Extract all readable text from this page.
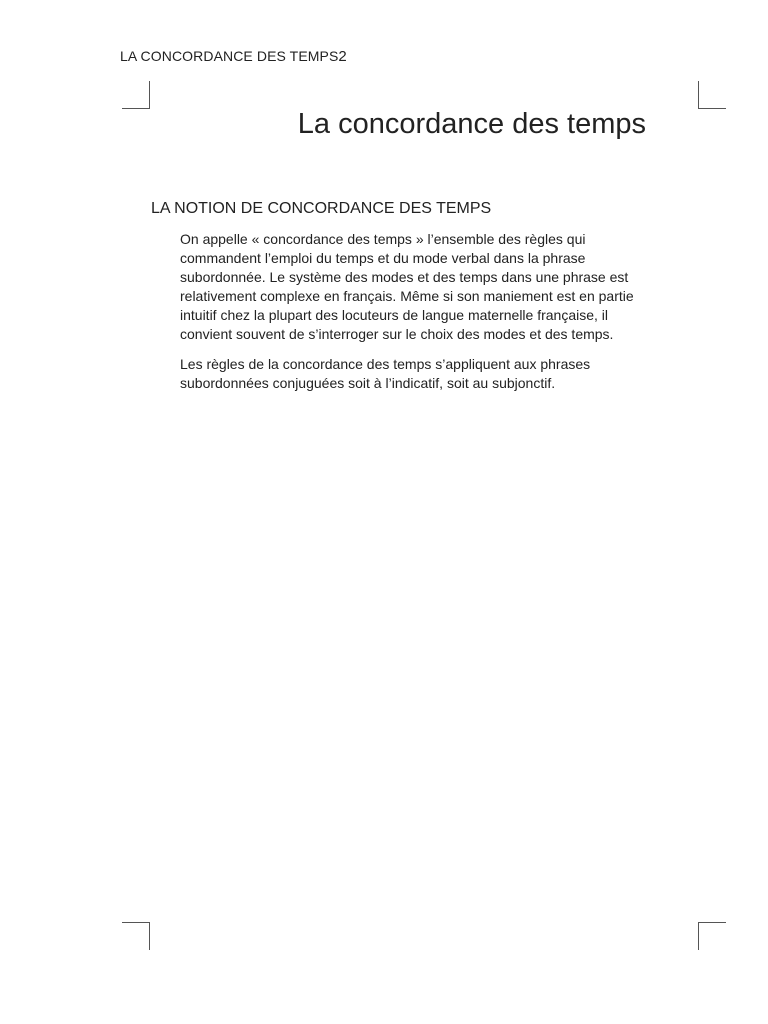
LA CONCORDANCE DES TEMPS2
La concordance des temps
LA NOTION DE CONCORDANCE DES TEMPS

On appelle « concordance des temps » l’ensemble des règles qui
commandent l’emploi du temps et du mode verbal dans la phrase
subordonnée. Le système des modes et des temps dans une phrase est
relativement complexe en français. Même si son maniement est en partie
intuitif chez la plupart des locuteurs de langue maternelle française, il
convient souvent de s’interroger sur le choix des modes et des temps.

Les règles de la concordance des temps s’appliquent aux phrases
subordonnées conjuguées soit à l’indicatif, soit au subjonctif.
